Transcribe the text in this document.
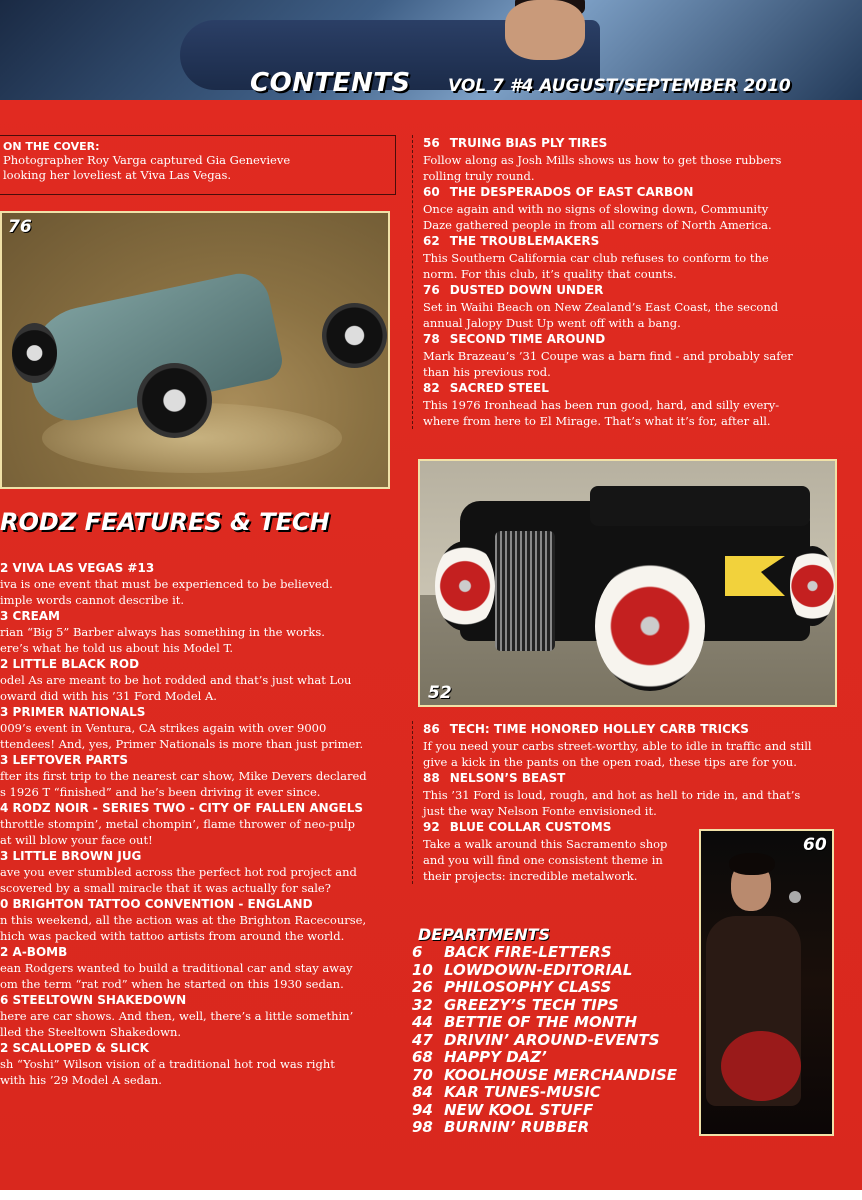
CONTENTS VOL 7 #4 AUGUST/SEPTEMBER 2010
ON THE COVER:
Photographer Roy Varga captured Gia Genevieve
looking her loveliest at Viva Las Vegas.
76
RODZ FEATURES & TECH
2 VIVA LAS VEGAS #13
iva is one event that must be experienced to be believed.
imple words cannot describe it.
3 CREAM
rian “Big 5” Barber always has something in the works.
ere’s what he told us about his Model T.
2 LITTLE BLACK ROD
odel As are meant to be hot rodded and that’s just what Lou
oward did with his ’31 Ford Model A.
3 PRIMER NATIONALS
009’s event in Ventura, CA strikes again with over 9000
ttendees! And, yes, Primer Nationals is more than just primer.
3 LEFTOVER PARTS
fter its first trip to the nearest car show, Mike Devers declared
s 1926 T “finished” and he’s been driving it ever since.
4 RODZ NOIR - SERIES TWO - CITY OF FALLEN ANGELS
throttle stompin’, metal chompin’, flame thrower of neo-pulp
at will blow your face out!
3 LITTLE BROWN JUG
ave you ever stumbled across the perfect hot rod project and
scovered by a small miracle that it was actually for sale?
0 BRIGHTON TATTOO CONVENTION - ENGLAND
n this weekend, all the action was at the Brighton Racecourse,
hich was packed with tattoo artists from around the world.
2 A-BOMB
ean Rodgers wanted to build a traditional car and stay away
om the term “rat rod” when he started on this 1930 sedan.
6 STEELTOWN SHAKEDOWN
here are car shows. And then, well, there’s a little somethin’
lled the Steeltown Shakedown.
2 SCALLOPED & SLICK
sh “Yoshi” Wilson vision of a traditional hot rod was right
with his ’29 Model A sedan.
56 TRUING BIAS PLY TIRES
Follow along as Josh Mills shows us how to get those rubbers
rolling truly round.
60 THE DESPERADOS OF EAST CARBON
Once again and with no signs of slowing down, Community
Daze gathered people in from all corners of North America.
62 THE TROUBLEMAKERS
This Southern California car club refuses to conform to the
norm. For this club, it’s quality that counts.
76 DUSTED DOWN UNDER
Set in Waihi Beach on New Zealand’s East Coast, the second
annual Jalopy Dust Up went off with a bang.
78 SECOND TIME AROUND
Mark Brazeau’s ’31 Coupe was a barn find - and probably safer
than his previous rod.
82 SACRED STEEL
This 1976 Ironhead has been run good, hard, and silly every-
where from here to El Mirage. That’s what it’s for, after all.
52
86 TECH: TIME HONORED HOLLEY CARB TRICKS
If you need your carbs street-worthy, able to idle in traffic and still
give a kick in the pants on the open road, these tips are for you.
88 NELSON’S BEAST
This ’31 Ford is loud, rough, and hot as hell to ride in, and that’s
just the way Nelson Fonte envisioned it.
92 BLUE COLLAR CUSTOMS
Take a walk around this Sacramento shop
and you will find one consistent theme in
their projects: incredible metalwork.
DEPARTMENTS
6 BACK FIRE-LETTERS
10 LOWDOWN-EDITORIAL
26 PHILOSOPHY CLASS
32 GREEZY’S TECH TIPS
44 BETTIE OF THE MONTH
47 DRIVIN’ AROUND-EVENTS
68 HAPPY DAZ’
70 KOOLHOUSE MERCHANDISE
84 KAR TUNES-MUSIC
94 NEW KOOL STUFF
98 BURNIN’ RUBBER
60
